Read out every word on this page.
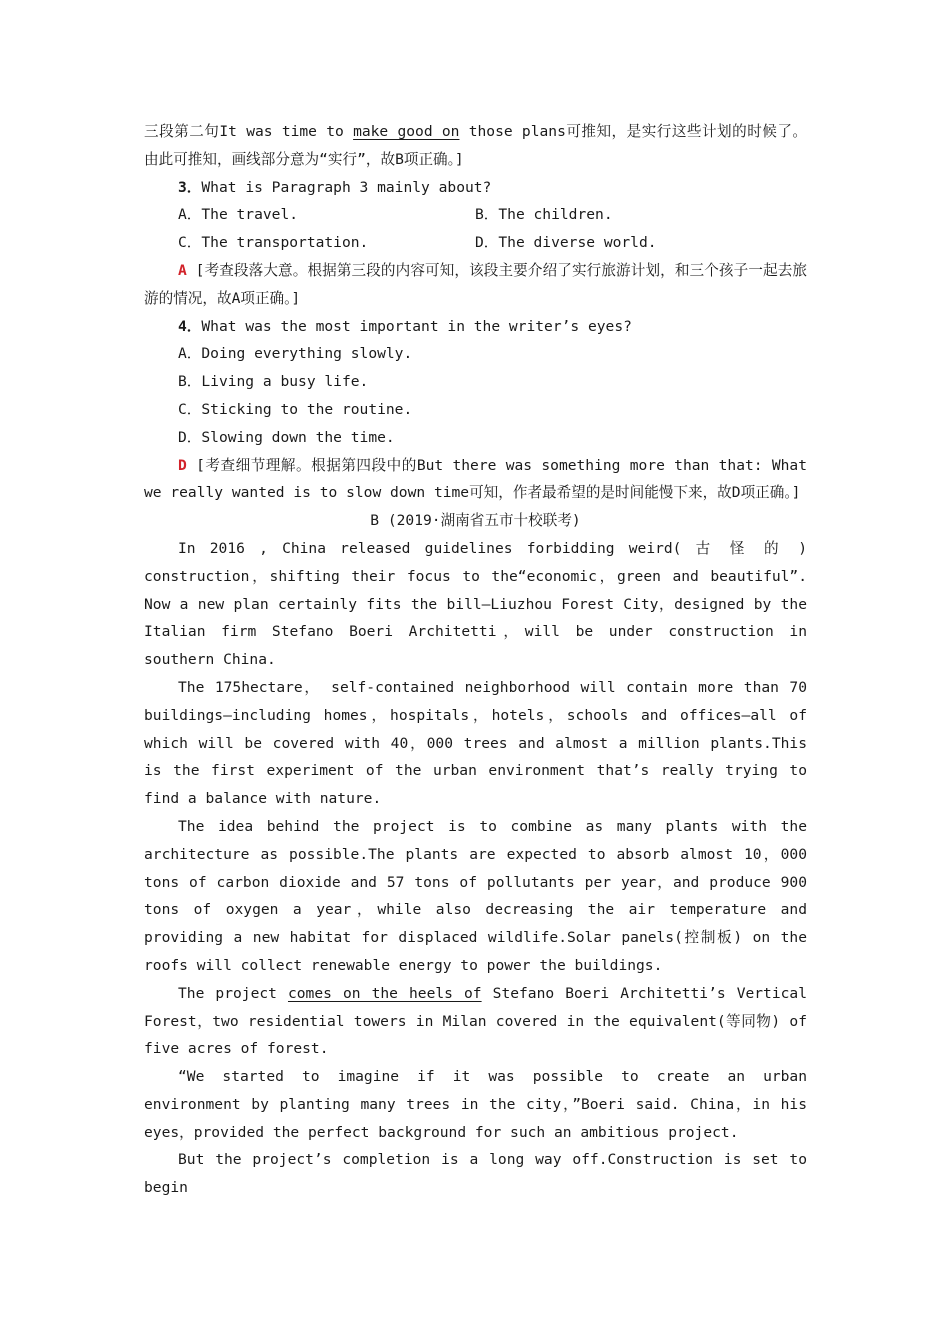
三段第二句It was time to make good on those plans可推知，是实行这些计划的时候了。由此可推知，画线部分意为“实行”，故B项正确。]

3．What is Paragraph 3 mainly about?

A．The travel.	B．The children.
C．The transportation.	D．The diverse world.

A [考查段落大意。根据第三段的内容可知，该段主要介绍了实行旅游计划，和三个孩子一起去旅游的情况，故A项正确。]

4．What was the most important in the writer’s eyes?

A．Doing everything slowly.

B．Living a busy life.

C．Sticking to the routine.

D．Slowing down the time.

D [考查细节理解。根据第四段中的But there was something more than that: What we really wanted is to slow down time可知，作者最希望的是时间能慢下来，故D项正确。]

B (2019·湖南省五市十校联考)

In 2016 , China released guidelines forbidding weird( 古 怪 的 )

construction，shifting their focus to the“economic，green and beautiful”. Now a new plan certainly fits the bill—Liuzhou Forest City，designed by the Italian firm Stefano Boeri Architetti，will be under construction in southern China.

The 175hectare， self-contained neighborhood will contain more than 70 buildings—including homes，hospitals，hotels，schools and offices—all of which will be covered with 40，000 trees and almost a million plants.This is the first experiment of the urban environment that’s really trying to find a balance with nature.

The idea behind the project is to combine as many plants with the architecture as possible.The plants are expected to absorb almost 10，000 tons of carbon dioxide and 57 tons of pollutants per year，and produce 900 tons of oxygen a year，while also decreasing the air temperature and providing a new habitat for displaced wildlife.Solar panels(控制板) on the roofs will collect renewable energy to power the buildings.

The project comes on the heels of Stefano Boeri Architetti’s Vertical Forest，two residential towers in Milan covered in the equivalent(等同物) of five acres of forest.

“We started to imagine if it was possible to create an urban environment by planting many trees in the city，”Boeri said. China，in his eyes，provided the perfect background for such an ambitious project.

But the project’s completion is a long way off.Construction is set to begin
